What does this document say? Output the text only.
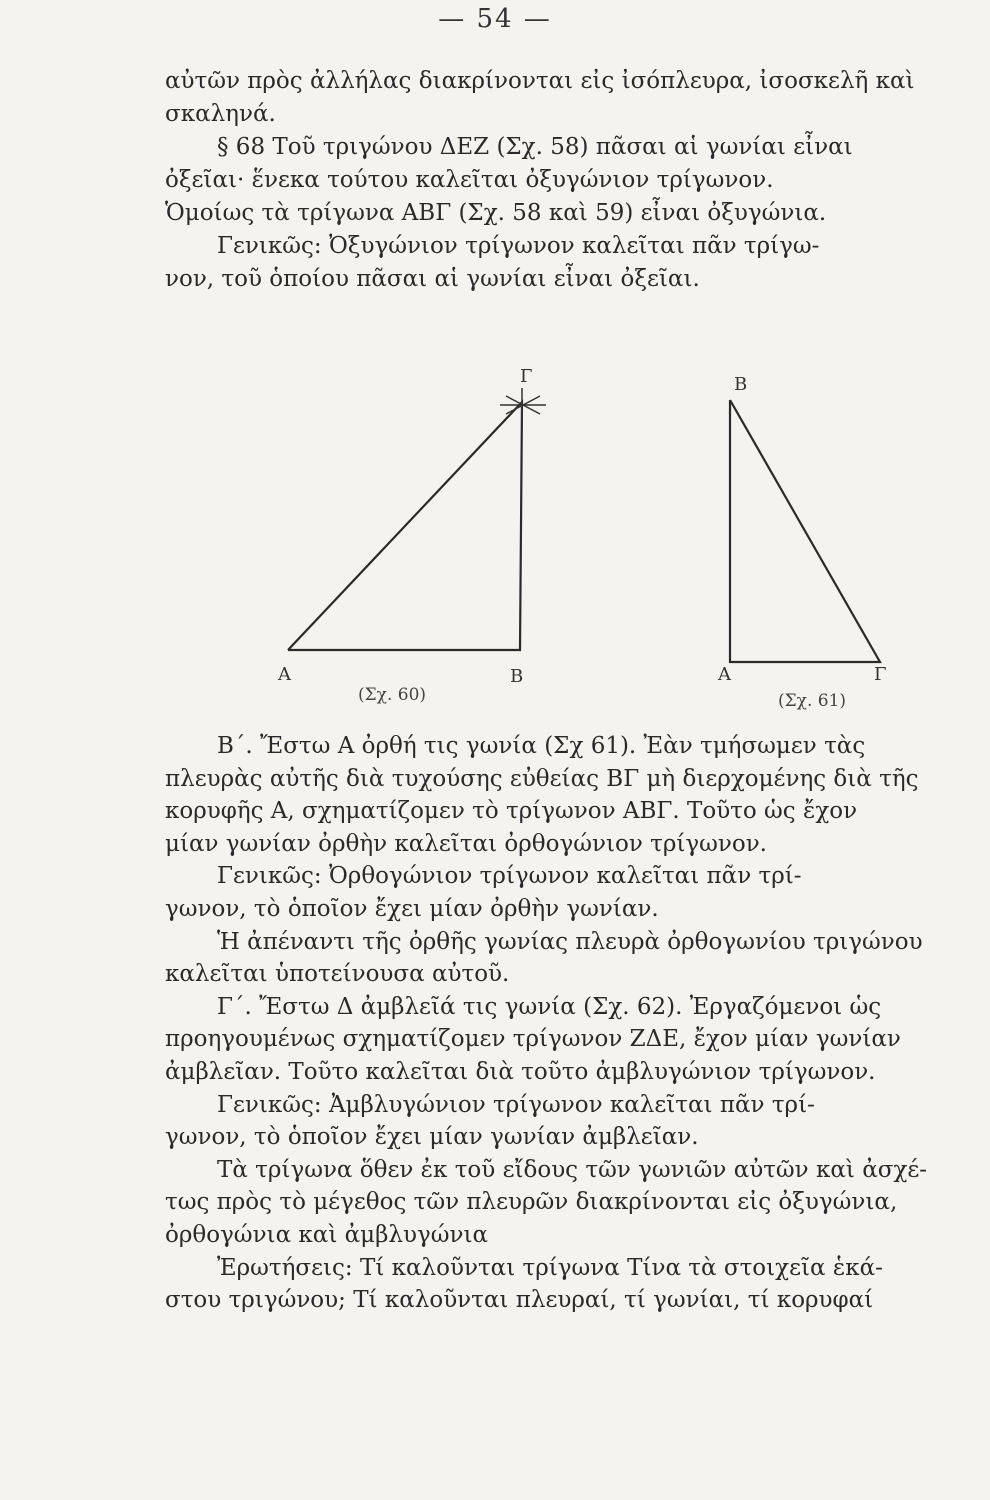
— 54 —
αὐτῶν πρὸς ἀλλήλας διακρίνονται εἰς ἰσόπλευρα, ἰσοσκελῆ καὶ
σκαληνά.
§ 68 Τοῦ τριγώνου ΔΕΖ (Σχ. 58) πᾶσαι αἱ γωνίαι εἶναι
ὀξεῖαι· ἕνεκα τούτου καλεῖται ὀξυγώνιον τρίγωνον.
Ὁμοίως τὰ τρίγωνα ΑΒΓ (Σχ. 58 καὶ 59) εἶναι ὀξυγώνια.
Γενικῶς: Ὀξυγώνιον τρίγωνον καλεῖται πᾶν τρίγω-
νον, τοῦ ὁποίου πᾶσαι αἱ γωνίαι εἶναι ὀξεῖαι.
A	B
Γ
(Σχ. 60)
B
A	Γ
(Σχ. 61)
Β΄. Ἔστω Α ὀρθή τις γωνία (Σχ 61). Ἐὰν τμήσωμεν τὰς
πλευρὰς αὐτῆς διὰ τυχούσης εὐθείας ΒΓ μὴ διερχομένης διὰ τῆς
κορυφῆς Α, σχηματίζομεν τὸ τρίγωνον ΑΒΓ. Τοῦτο ὡς ἔχον
μίαν γωνίαν ὀρθὴν καλεῖται ὀρθογώνιον τρίγωνον.
Γενικῶς: Ὀρθογώνιον τρίγωνον καλεῖται πᾶν τρί-
γωνον, τὸ ὁποῖον ἔχει μίαν ὀρθὴν γωνίαν.
Ἡ ἀπέναντι τῆς ὀρθῆς γωνίας πλευρὰ ὀρθογωνίου τριγώνου
καλεῖται ὑποτείνουσα αὐτοῦ.
Γ΄. Ἔστω Δ ἀμβλεῖά τις γωνία (Σχ. 62). Ἐργαζόμενοι ὡς
προηγουμένως σχηματίζομεν τρίγωνον ΖΔΕ, ἔχον μίαν γωνίαν
ἀμβλεῖαν. Τοῦτο καλεῖται διὰ τοῦτο ἀμβλυγώνιον τρίγωνον.
Γενικῶς: Ἀμβλυγώνιον τρίγωνον καλεῖται πᾶν τρί-
γωνον, τὸ ὁποῖον ἔχει μίαν γωνίαν ἀμβλεῖαν.
Τὰ τρίγωνα ὅθεν ἐκ τοῦ εἴδους τῶν γωνιῶν αὐτῶν καὶ ἀσχέ-
τως πρὸς τὸ μέγεθος τῶν πλευρῶν διακρίνονται εἰς ὀξυγώνια,
ὀρθογώνια καὶ ἀμβλυγώνια
Ἐρωτήσεις: Τί καλοῦνται τρίγωνα Τίνα τὰ στοιχεῖα ἑκά-
στου τριγώνου; Τί καλοῦνται πλευραί, τί γωνίαι, τί κορυφαί
